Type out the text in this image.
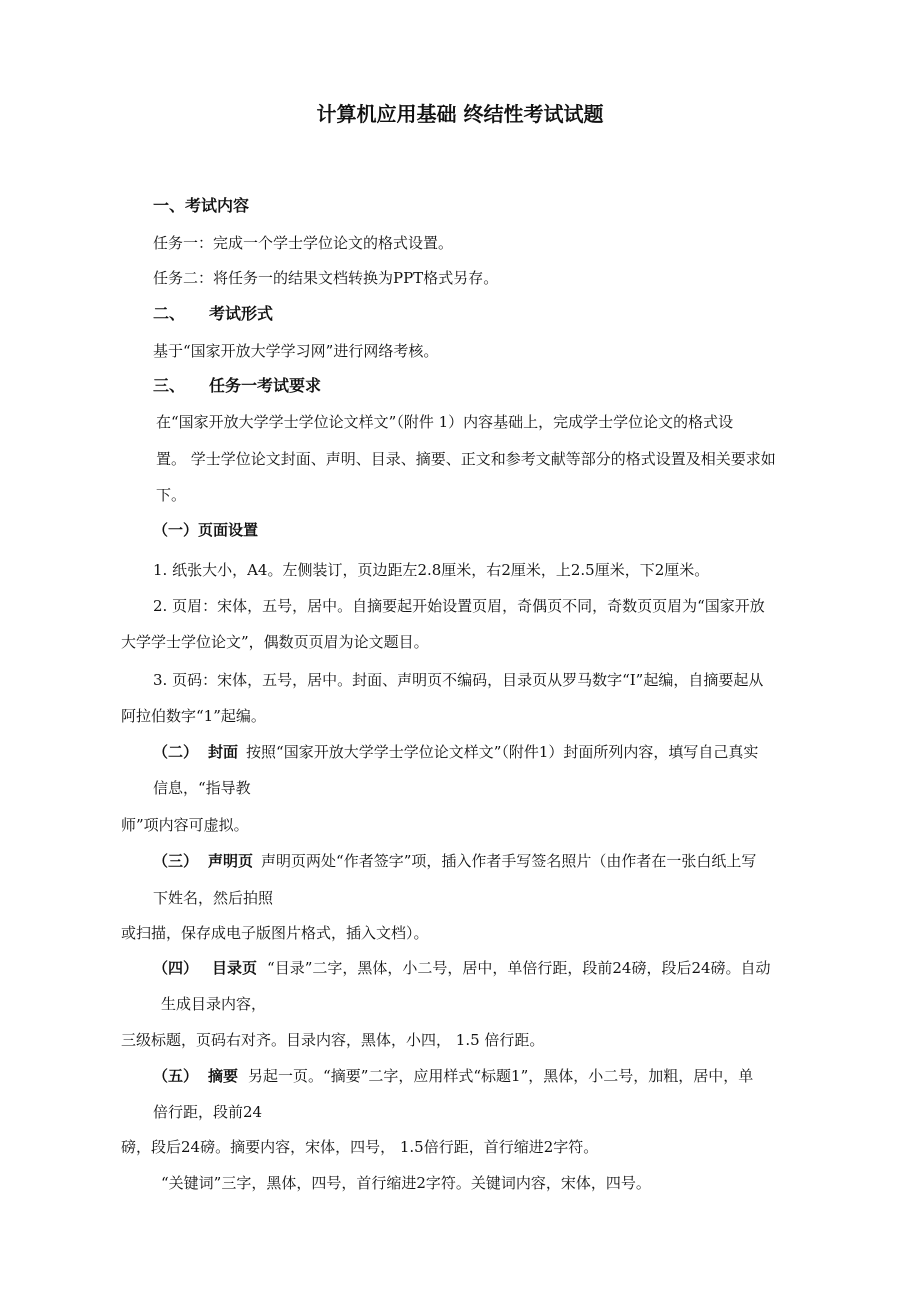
计算机应用基础 终结性考试试题
一、考试内容
任务一：完成一个学士学位论文的格式设置。
任务二：将任务一的结果文档转换为PPT格式另存。
二、 考试形式
基于“国家开放大学学习网”进行网络考核。
三、 任务一考试要求
在“国家开放大学学士学位论文样文”（附件 1）内容基础上，完成学士学位论文的格式设
置。 学士学位论文封面、声明、目录、摘要、正文和参考文献等部分的格式设置及相关要求如
下。
（一）页面设置
1. 纸张大小，A4。左侧装订，页边距左2.8厘米，右2厘米，上2.5厘米，下2厘米。
2. 页眉：宋体，五号，居中。自摘要起开始设置页眉，奇偶页不同，奇数页页眉为“国家开放
大学学士学位论文”，偶数页页眉为论文题目。
3. 页码：宋体，五号，居中。封面、声明页不编码，目录页从罗马数字“I”起编，自摘要起从
阿拉伯数字“1”起编。
（二） 封面 按照“国家开放大学学士学位论文样文”（附件1）封面所列内容，填写自己真实
信息，“指导教
师”项内容可虚拟。
（三） 声明页 声明页两处“作者签字”项，插入作者手写签名照片（由作者在一张白纸上写
下姓名，然后拍照
或扫描，保存成电子版图片格式，插入文档）。
（四） 目录页 “目录”二字，黑体，小二号，居中，单倍行距，段前24磅，段后24磅。自动
生成目录内容，
三级标题，页码右对齐。目录内容，黑体，小四， 1.5 倍行距。
（五） 摘要 另起一页。“摘要”二字，应用样式“标题1”，黑体，小二号，加粗，居中，单
倍行距，段前24
磅，段后24磅。摘要内容，宋体，四号， 1.5倍行距，首行缩进2字符。
“关键词”三字，黑体，四号，首行缩进2字符。关键词内容，宋体，四号。
